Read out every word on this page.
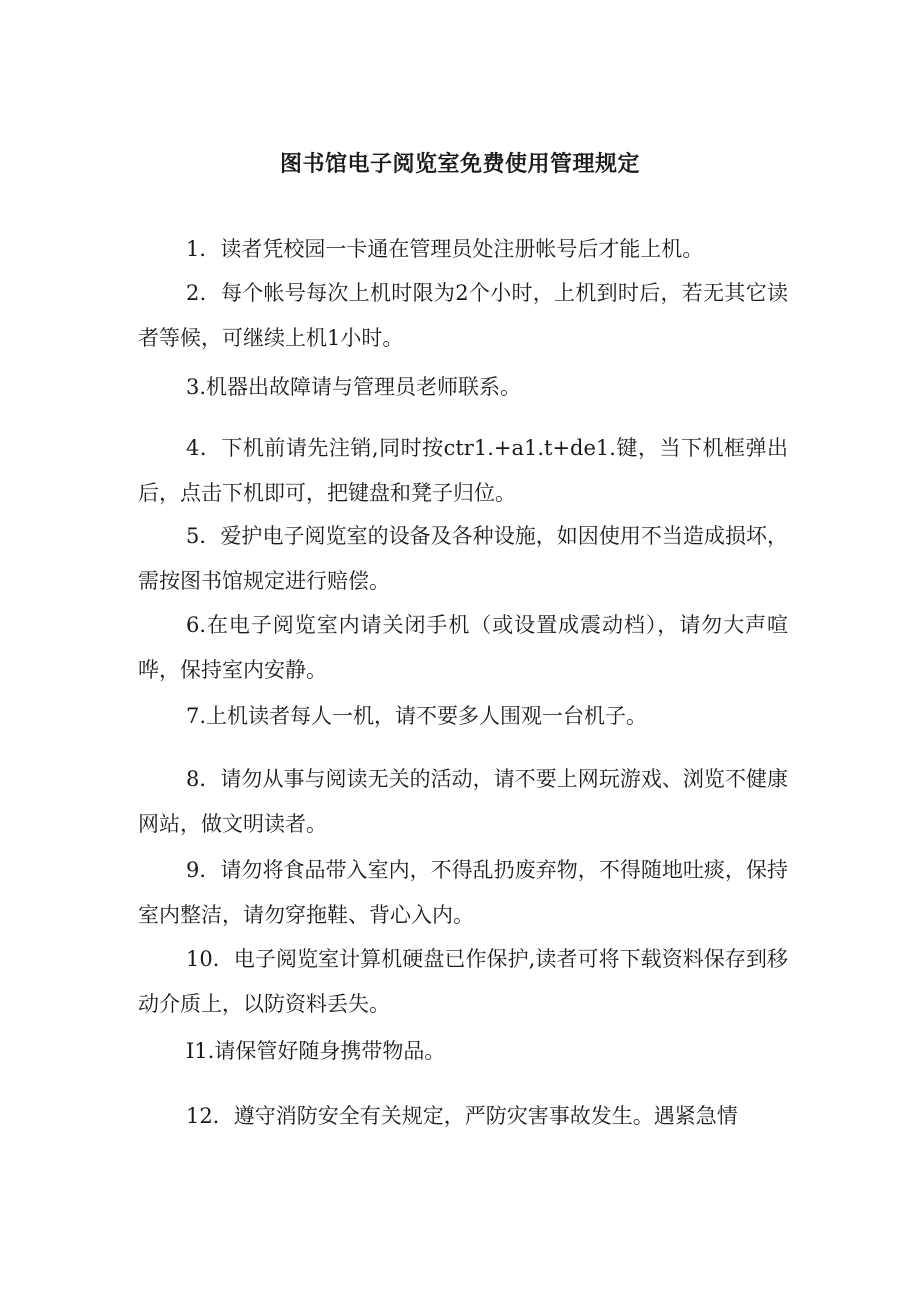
图书馆电子阅览室免费使用管理规定

1．读者凭校园一卡通在管理员处注册帐号后才能上机。

2．每个帐号每次上机时限为2个小时，上机到时后，若无其它读者等候，可继续上机1小时。

3.机器出故障请与管理员老师联系。

4．下机前请先注销,同时按ctr1.+a1.t+de1.键，当下机框弹出后，点击下机即可，把键盘和凳子归位。

5．爱护电子阅览室的设备及各种设施，如因使用不当造成损坏，需按图书馆规定进行赔偿。

6.在电子阅览室内请关闭手机（或设置成震动档），请勿大声喧哗，保持室内安静。

7.上机读者每人一机，请不要多人围观一台机子。

8．请勿从事与阅读无关的活动，请不要上网玩游戏、浏览不健康网站，做文明读者。

9．请勿将食品带入室内，不得乱扔废弃物，不得随地吐痰，保持室内整洁，请勿穿拖鞋、背心入内。

10．电子阅览室计算机硬盘已作保护,读者可将下载资料保存到移动介质上，以防资料丢失。

I1.请保管好随身携带物品。

12．遵守消防安全有关规定，严防灾害事故发生。遇紧急情
